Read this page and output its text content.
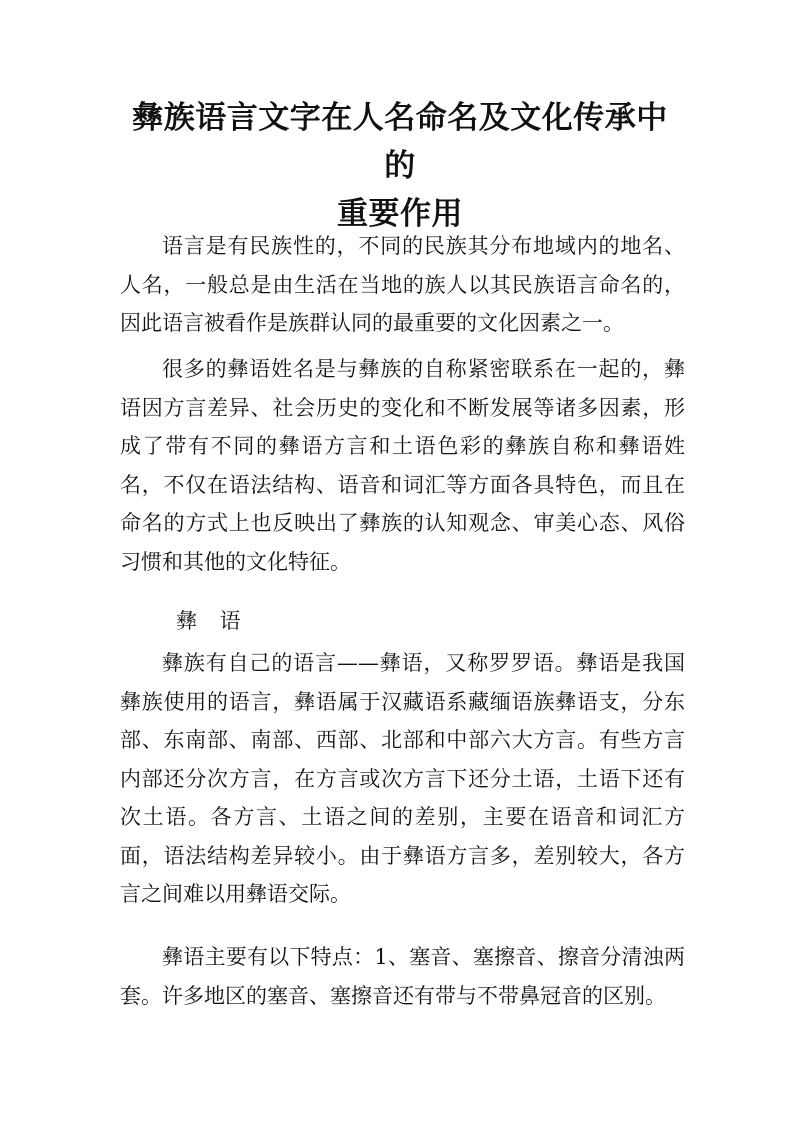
彝族语言文字在人名命名及文化传承中的
重要作用

语言是有民族性的，不同的民族其分布地域内的地名、人名，一般总是由生活在当地的族人以其民族语言命名的，因此语言被看作是族群认同的最重要的文化因素之一。

很多的彝语姓名是与彝族的自称紧密联系在一起的，彝语因方言差异、社会历史的变化和不断发展等诸多因素，形成了带有不同的彝语方言和土语色彩的彝族自称和彝语姓名，不仅在语法结构、语音和词汇等方面各具特色，而且在命名的方式上也反映出了彝族的认知观念、审美心态、风俗习惯和其他的文化特征。

彝 语

彝族有自己的语言——彝语，又称罗罗语。彝语是我国彝族使用的语言，彝语属于汉藏语系藏缅语族彝语支，分东部、东南部、南部、西部、北部和中部六大方言。有些方言内部还分次方言，在方言或次方言下还分土语，土语下还有次土语。各方言、土语之间的差别，主要在语音和词汇方面，语法结构差异较小。由于彝语方言多，差别较大，各方言之间难以用彝语交际。

彝语主要有以下特点：1、塞音、塞擦音、擦音分清浊两套。许多地区的塞音、塞擦音还有带与不带鼻冠音的区别。
